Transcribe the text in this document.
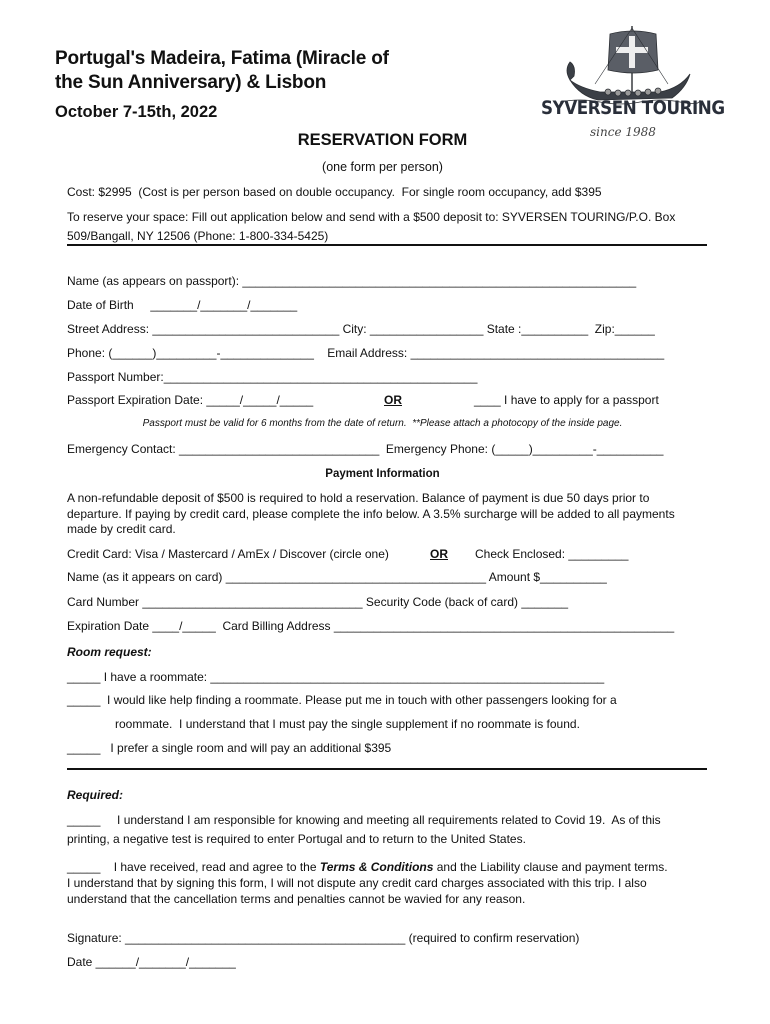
Portugal's Madeira, Fatima (Miracle of
the Sun Anniversary) & Lisbon
October 7-15th, 2022
RESERVATION FORM
(one form per person)
SYVERSEN TOURING
since 1988
Cost: $2995  (Cost is per person based on double occupancy.  For single room occupancy, add $395
To reserve your space: Fill out application below and send with a $500 deposit to: SYVERSEN TOURING/P.O. Box 509/Bangall, NY 12506 (Phone: 1-800-334-5425)
Name (as appears on passport): ___________________________________________________________
Date of Birth     _______/_______/_______
Street Address: ____________________________ City: _________________ State :__________  Zip:______
Phone: (______)_________-______________    Email Address: ______________________________________
Passport Number:_______________________________________________
Passport Expiration Date: _____/_____/_____	OR	____ I have to apply for a passport
Passport must be valid for 6 months from the date of return.  **Please attach a photocopy of the inside page.
Emergency Contact: ______________________________  Emergency Phone: (_____)_________-__________
Payment Information
A non-refundable deposit of $500 is required to hold a reservation. Balance of payment is due 50 days prior to departure. If paying by credit card, please complete the info below. A 3.5% surcharge will be added to all payments made by credit card.
Credit Card: Visa / Mastercard / AmEx / Discover (circle one)	OR Check Enclosed: _________
Name (as it appears on card) _______________________________________ Amount $__________
Card Number _________________________________ Security Code (back of card) _______
Expiration Date ____/_____  Card Billing Address ___________________________________________________
Room request:
_____ I have a roommate: ___________________________________________________________
_____  I would like help finding a roommate. Please put me in touch with other passengers looking for a
roommate.  I understand that I must pay the single supplement if no roommate is found.
_____   I prefer a single room and will pay an additional $395
Required:
_____     I understand I am responsible for knowing and meeting all requirements related to Covid 19.  As of this
printing, a negative test is required to enter Portugal and to return to the United States.
_____    I have received, read and agree to the Terms & Conditions and the Liability clause and payment terms.
I understand that by signing this form, I will not dispute any credit card charges associated with this trip. I also understand that the cancellation terms and penalties cannot be wavied for any reason.
Signature: __________________________________________ (required to confirm reservation)
Date ______/_______/_______
